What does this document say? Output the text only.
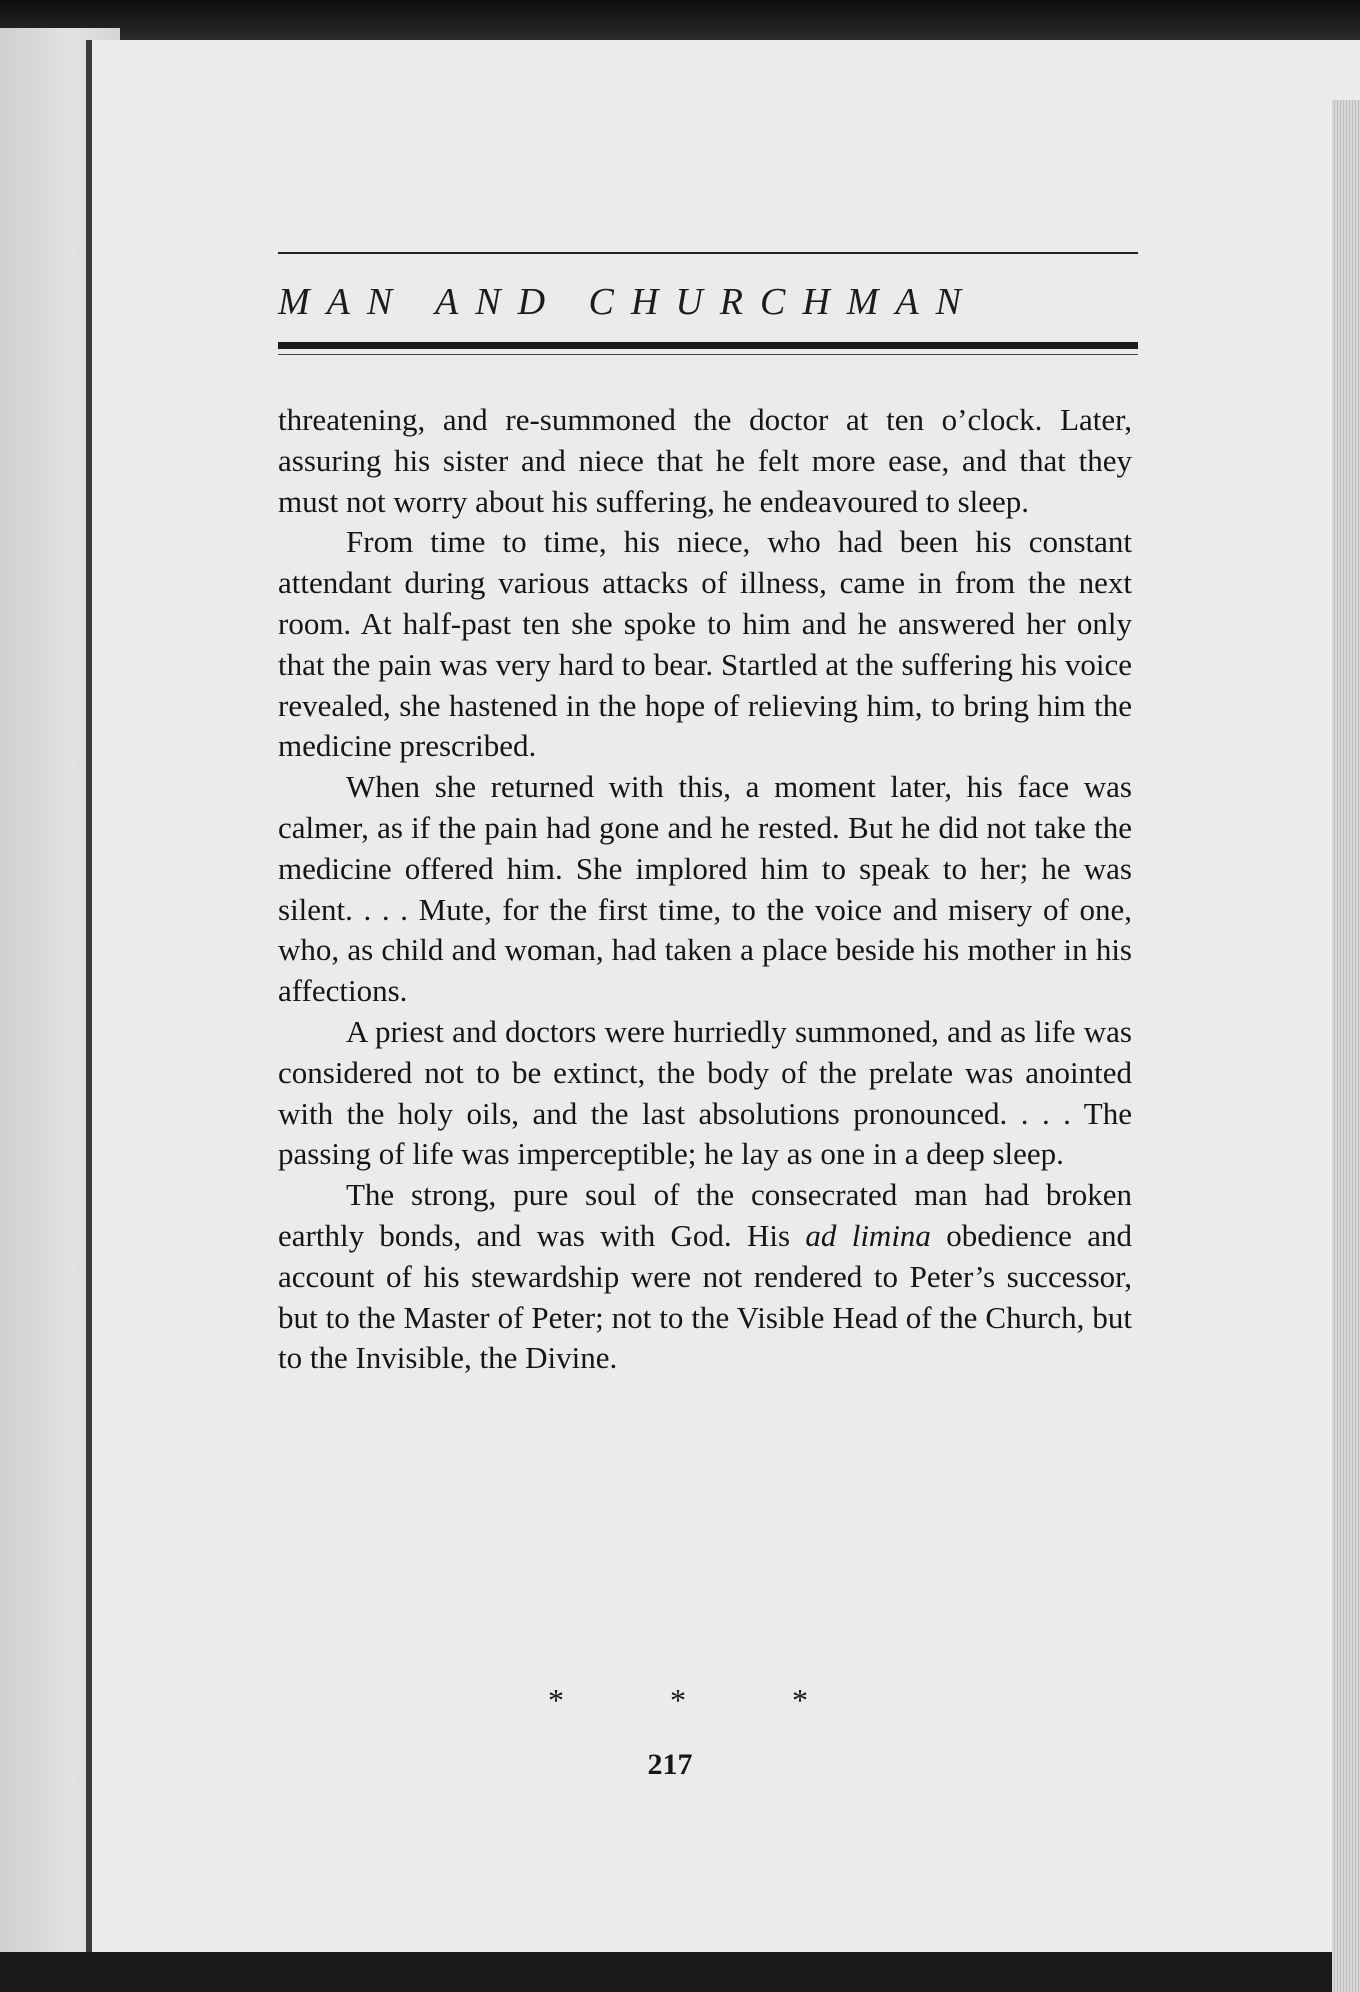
MAN AND CHURCHMAN

threatening, and re-summoned the doctor at ten o’clock. Later, assuring his sister and niece that he felt more ease, and that they must not worry about his suffering, he endeavoured to sleep.

From time to time, his niece, who had been his constant attendant during various attacks of illness, came in from the next room. At half-past ten she spoke to him and he answered her only that the pain was very hard to bear. Startled at the suffering his voice revealed, she hastened in the hope of relieving him, to bring him the medicine prescribed.

When she returned with this, a moment later, his face was calmer, as if the pain had gone and he rested. But he did not take the medicine offered him. She implored him to speak to her; he was silent. . . . Mute, for the first time, to the voice and misery of one, who, as child and woman, had taken a place beside his mother in his affections.

A priest and doctors were hurriedly summoned, and as life was considered not to be extinct, the body of the prelate was anointed with the holy oils, and the last absolutions pronounced. . . . The passing of life was imperceptible; he lay as one in a deep sleep.

The strong, pure soul of the consecrated man had broken earthly bonds, and was with God. His ad limina obedience and account of his stewardship were not rendered to Peter’s successor, but to the Master of Peter; not to the Visible Head of the Church, but to the Invisible, the Divine.

*	*	*
217
